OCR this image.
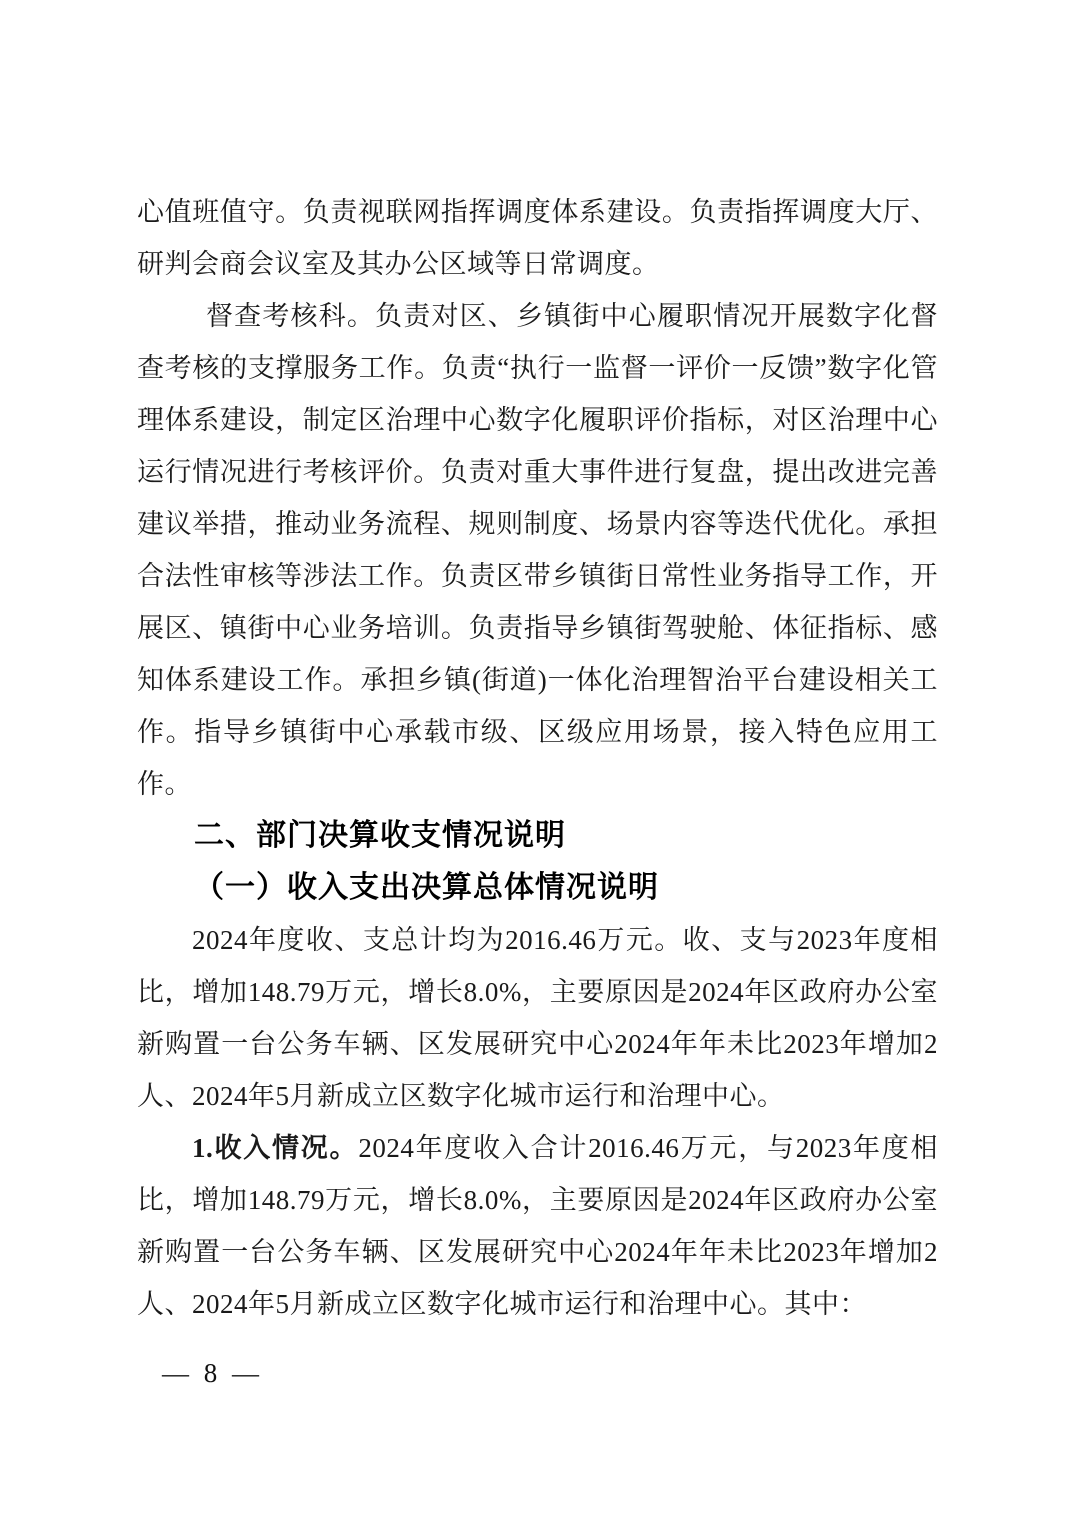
心值班值守。负责视联网指挥调度体系建设。负责指挥调度大厅、研判会商会议室及其办公区域等日常调度。

督查考核科。负责对区、乡镇街中心履职情况开展数字化督查考核的支撑服务工作。负责“执行一监督一评价一反馈”数字化管理体系建设，制定区治理中心数字化履职评价指标，对区治理中心运行情况进行考核评价。负责对重大事件进行复盘，提出改进完善建议举措，推动业务流程、规则制度、场景内容等迭代优化。承担合法性审核等涉法工作。负责区带乡镇街日常性业务指导工作，开展区、镇街中心业务培训。负责指导乡镇街驾驶舱、体征指标、感知体系建设工作。承担乡镇(街道)一体化治理智治平台建设相关工作。指导乡镇街中心承载市级、区级应用场景，接入特色应用工作。

二、部门决算收支情况说明
（一）收入支出决算总体情况说明

2024年度收、支总计均为2016.46万元。收、支与2023年度相比，增加148.79万元，增长8.0%，主要原因是2024年区政府办公室新购置一台公务车辆、区发展研究中心2024年年未比2023年增加2人、2024年5月新成立区数字化城市运行和治理中心。

1.收入情况。2024年度收入合计2016.46万元，与2023年度相比，增加148.79万元，增长8.0%，主要原因是2024年区政府办公室新购置一台公务车辆、区发展研究中心2024年年未比2023年增加2人、2024年5月新成立区数字化城市运行和治理中心。其中：

— 8 —
